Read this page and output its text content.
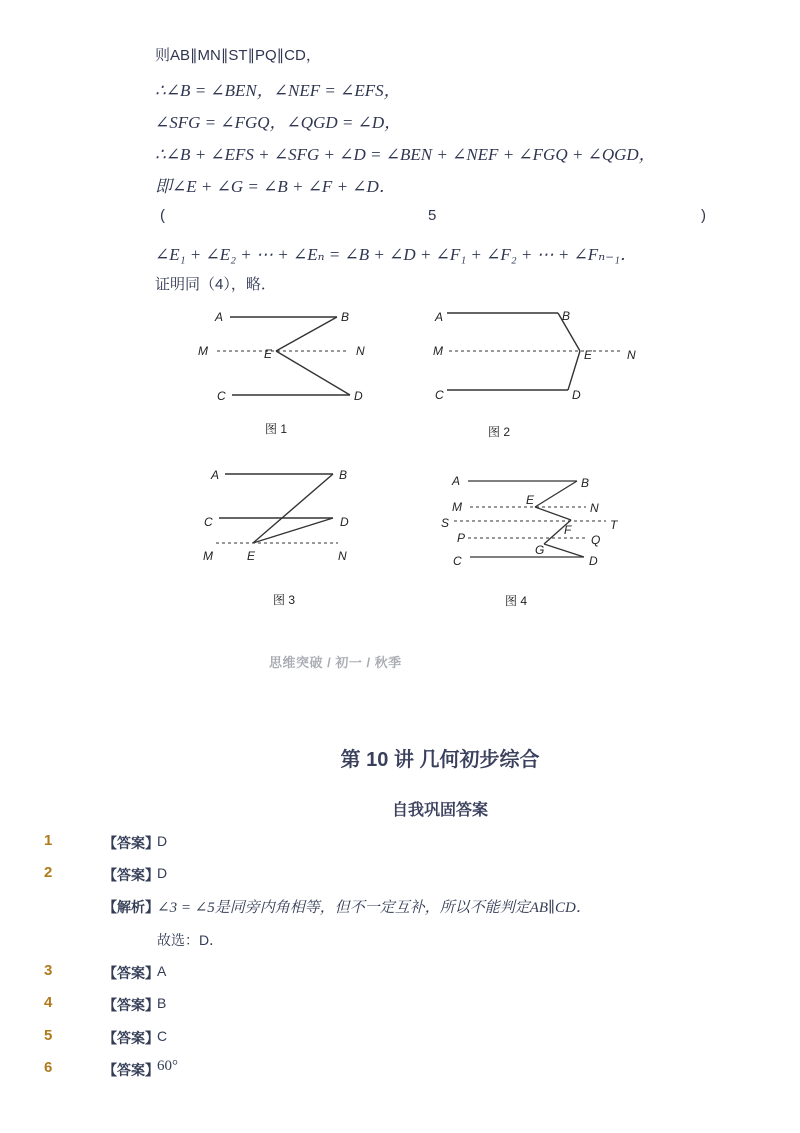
则AB∥MN∥ST∥PQ∥CD，
∴∠B = ∠BEN，∠NEF = ∠EFS，
∠SFG = ∠FGQ，∠QGD = ∠D，
∴∠B + ∠EFS + ∠SFG + ∠D = ∠BEN + ∠NEF + ∠FGQ + ∠QGD，
即∠E + ∠G = ∠B + ∠F + ∠D．
(	5	)
∠E₁ + ∠E₂ + ⋯ + ∠Eₙ = ∠B + ∠D + ∠F₁ + ∠F₂ + ⋯ + ∠Fₙ₋₁．
证明同（4），略．
A	B
M	E	N
C	D
图 1
A	B
M	E	N
C	D
图 2
A	B
C	D
M	E	N
图 3
A	B
M	E
N
S	F	T
P
G
Q
C	D
图 4
思维突破 / 初一 / 秋季
第 10 讲 几何初步综合
自我巩固答案
1	【答案】
D
2	【答案】
D
【解析】
∠3 = ∠5是同旁内角相等，但不一定互补，所以不能判定AB∥CD．
故选：D．
3	【答案】
A
4	【答案】
B
5	【答案】
C
6	【答案】
60°
